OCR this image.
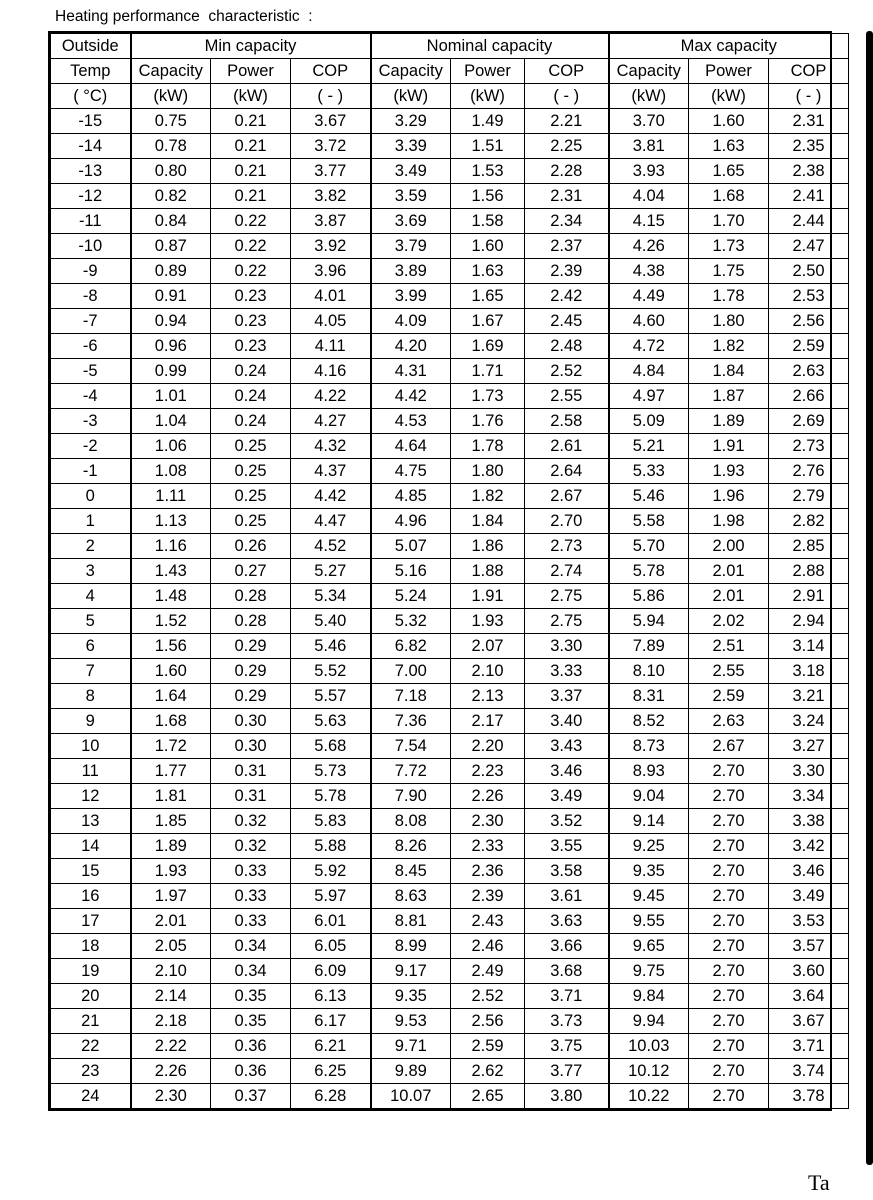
Heating performance  characteristic  :
Outside	Min capacity			Nominal capacity			Max capacity		
Temp	Capacity	Power	COP	Capacity	Power	COP	Capacity	Power	COP
( °C)	(kW)	(kW)	( - )	(kW)	(kW)	( - )	(kW)	(kW)	( - )
-15	0.75	0.21	3.67	3.29	1.49	2.21	3.70	1.60	2.31
-14	0.78	0.21	3.72	3.39	1.51	2.25	3.81	1.63	2.35
-13	0.80	0.21	3.77	3.49	1.53	2.28	3.93	1.65	2.38
-12	0.82	0.21	3.82	3.59	1.56	2.31	4.04	1.68	2.41
-11	0.84	0.22	3.87	3.69	1.58	2.34	4.15	1.70	2.44
-10	0.87	0.22	3.92	3.79	1.60	2.37	4.26	1.73	2.47
-9	0.89	0.22	3.96	3.89	1.63	2.39	4.38	1.75	2.50
-8	0.91	0.23	4.01	3.99	1.65	2.42	4.49	1.78	2.53
-7	0.94	0.23	4.05	4.09	1.67	2.45	4.60	1.80	2.56
-6	0.96	0.23	4.11	4.20	1.69	2.48	4.72	1.82	2.59
-5	0.99	0.24	4.16	4.31	1.71	2.52	4.84	1.84	2.63
-4	1.01	0.24	4.22	4.42	1.73	2.55	4.97	1.87	2.66
-3	1.04	0.24	4.27	4.53	1.76	2.58	5.09	1.89	2.69
-2	1.06	0.25	4.32	4.64	1.78	2.61	5.21	1.91	2.73
-1	1.08	0.25	4.37	4.75	1.80	2.64	5.33	1.93	2.76
0	1.11	0.25	4.42	4.85	1.82	2.67	5.46	1.96	2.79
1	1.13	0.25	4.47	4.96	1.84	2.70	5.58	1.98	2.82
2	1.16	0.26	4.52	5.07	1.86	2.73	5.70	2.00	2.85
3	1.43	0.27	5.27	5.16	1.88	2.74	5.78	2.01	2.88
4	1.48	0.28	5.34	5.24	1.91	2.75	5.86	2.01	2.91
5	1.52	0.28	5.40	5.32	1.93	2.75	5.94	2.02	2.94
6	1.56	0.29	5.46	6.82	2.07	3.30	7.89	2.51	3.14
7	1.60	0.29	5.52	7.00	2.10	3.33	8.10	2.55	3.18
8	1.64	0.29	5.57	7.18	2.13	3.37	8.31	2.59	3.21
9	1.68	0.30	5.63	7.36	2.17	3.40	8.52	2.63	3.24
10	1.72	0.30	5.68	7.54	2.20	3.43	8.73	2.67	3.27
11	1.77	0.31	5.73	7.72	2.23	3.46	8.93	2.70	3.30
12	1.81	0.31	5.78	7.90	2.26	3.49	9.04	2.70	3.34
13	1.85	0.32	5.83	8.08	2.30	3.52	9.14	2.70	3.38
14	1.89	0.32	5.88	8.26	2.33	3.55	9.25	2.70	3.42
15	1.93	0.33	5.92	8.45	2.36	3.58	9.35	2.70	3.46
16	1.97	0.33	5.97	8.63	2.39	3.61	9.45	2.70	3.49
17	2.01	0.33	6.01	8.81	2.43	3.63	9.55	2.70	3.53
18	2.05	0.34	6.05	8.99	2.46	3.66	9.65	2.70	3.57
19	2.10	0.34	6.09	9.17	2.49	3.68	9.75	2.70	3.60
20	2.14	0.35	6.13	9.35	2.52	3.71	9.84	2.70	3.64
21	2.18	0.35	6.17	9.53	2.56	3.73	9.94	2.70	3.67
22	2.22	0.36	6.21	9.71	2.59	3.75	10.03	2.70	3.71
23	2.26	0.36	6.25	9.89	2.62	3.77	10.12	2.70	3.74
24	2.30	0.37	6.28	10.07	2.65	3.80	10.22	2.70	3.78
Ta
